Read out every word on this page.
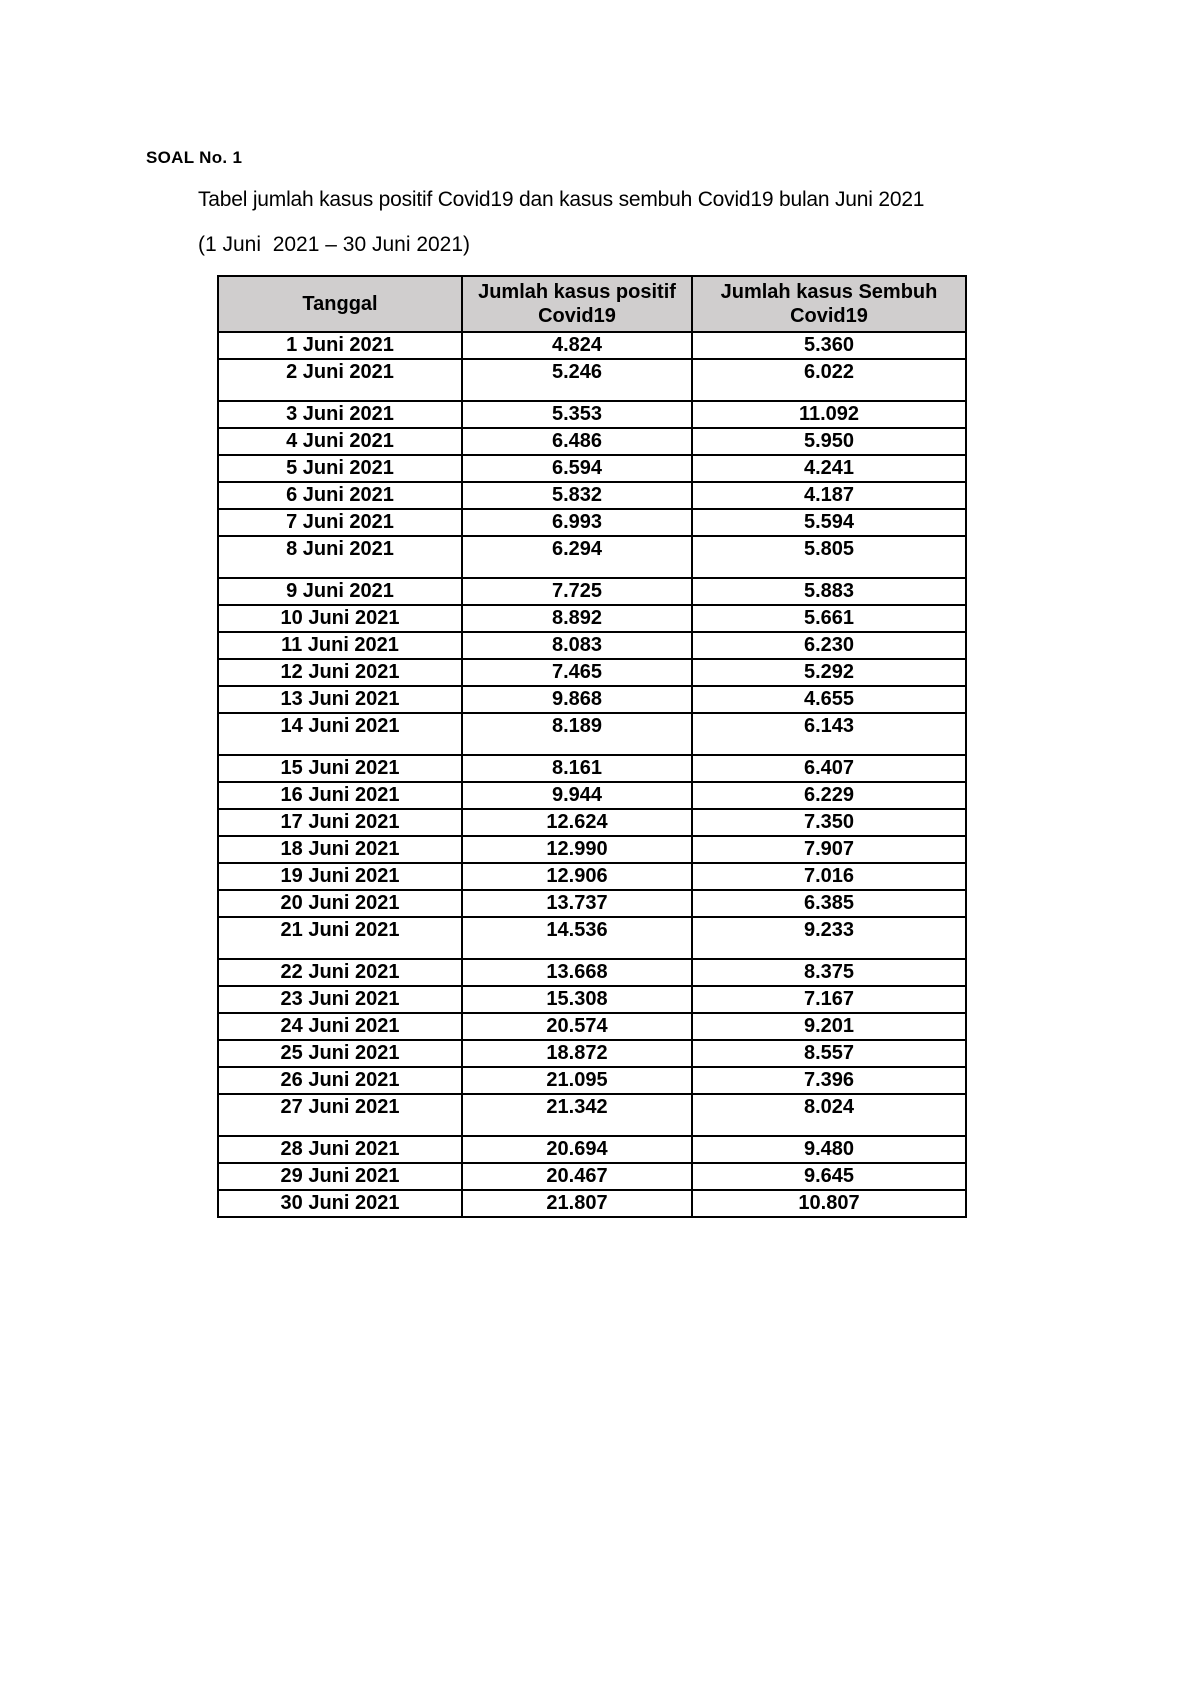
SOAL No. 1
Tabel jumlah kasus positif Covid19 dan kasus sembuh Covid19 bulan Juni 2021
(1 Juni  2021 – 30 Juni 2021)
Tanggal	Jumlah kasus positif Covid19	Jumlah kasus Sembuh Covid19
1 Juni 2021	4.824	5.360
2 Juni 2021	5.246	6.022
3 Juni 2021	5.353	11.092
4 Juni 2021	6.486	5.950
5 Juni 2021	6.594	4.241
6 Juni 2021	5.832	4.187
7 Juni 2021	6.993	5.594
8 Juni 2021	6.294	5.805
9 Juni 2021	7.725	5.883
10 Juni 2021	8.892	5.661
11 Juni 2021	8.083	6.230
12 Juni 2021	7.465	5.292
13 Juni 2021	9.868	4.655
14 Juni 2021	8.189	6.143
15 Juni 2021	8.161	6.407
16 Juni 2021	9.944	6.229
17 Juni 2021	12.624	7.350
18 Juni 2021	12.990	7.907
19 Juni 2021	12.906	7.016
20 Juni 2021	13.737	6.385
21 Juni 2021	14.536	9.233
22 Juni 2021	13.668	8.375
23 Juni 2021	15.308	7.167
24 Juni 2021	20.574	9.201
25 Juni 2021	18.872	8.557
26 Juni 2021	21.095	7.396
27 Juni 2021	21.342	8.024
28 Juni 2021	20.694	9.480
29 Juni 2021	20.467	9.645
30 Juni 2021	21.807	10.807
